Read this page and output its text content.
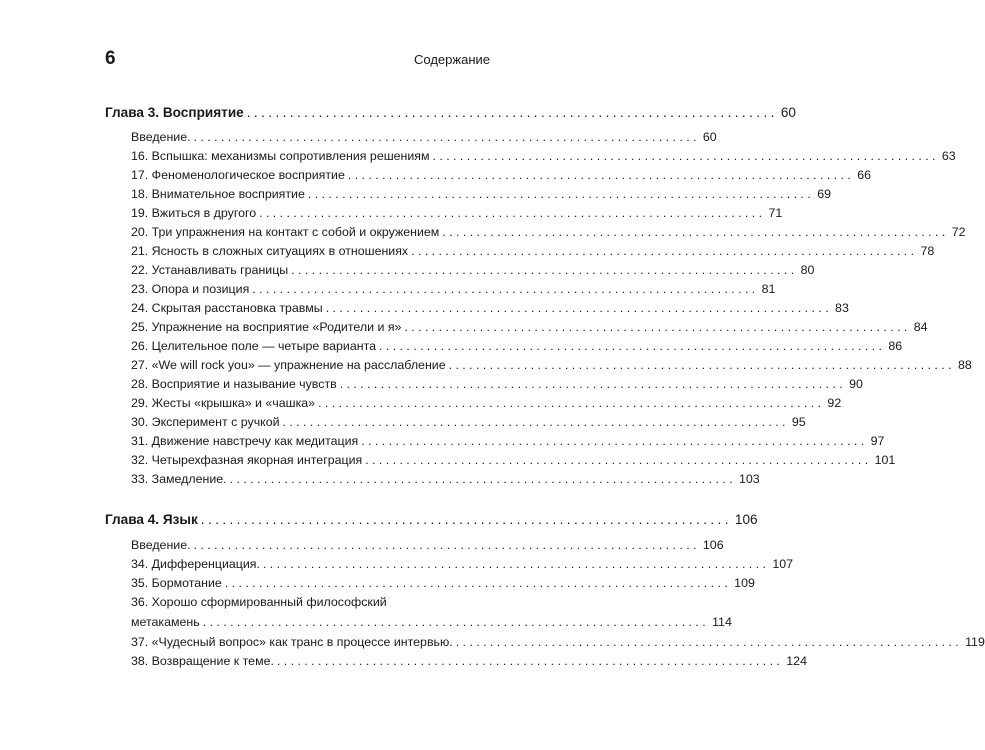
6	Содержание
Глава 3. Восприятие .......................................................................... 60
Введение. .......................................................................... 60
16. Вспышка: механизмы сопротивления решениям .......................................................................... 63
17. Феноменологическое восприятие .......................................................................... 66
18. Внимательное восприятие .......................................................................... 69
19. Вжиться в другого .......................................................................... 71
20. Три упражнения на контакт с собой и окружением .......................................................................... 72
21. Ясность в сложных ситуациях в отношениях .......................................................................... 78
22. Устанавливать границы .......................................................................... 80
23. Опора и позиция .......................................................................... 81
24. Скрытая расстановка травмы .......................................................................... 83
25. Упражнение на восприятие «Родители и я» .......................................................................... 84
26. Целительное поле — четыре варианта .......................................................................... 86
27. «We will rock you» — упражнение на расслабление .......................................................................... 88
28. Восприятие и называние чувств .......................................................................... 90
29. Жесты «крышка» и «чашка» .......................................................................... 92
30. Эксперимент с ручкой .......................................................................... 95
31. Движение навстречу как медитация .......................................................................... 97
32. Четырехфазная якорная интеграция .......................................................................... 101
33. Замедление. .......................................................................... 103
Глава 4. Язык .......................................................................... 106
Введение. .......................................................................... 106
34. Дифференциация. .......................................................................... 107
35. Бормотание .......................................................................... 109
36. Хорошо сформированный философский
метакамень .......................................................................... 114
37. «Чудесный вопрос» как транс в процессе интервью. .......................................................................... 119
38. Возвращение к теме. .......................................................................... 124
